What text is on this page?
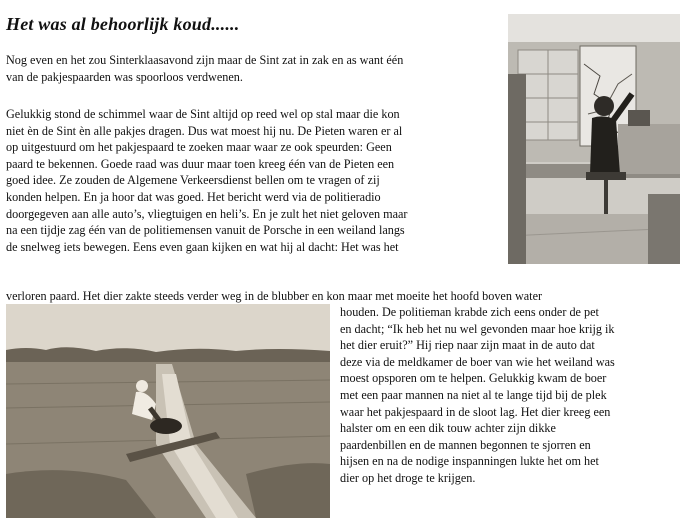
Het was al behoorlijk koud......

Nog even en het zou Sinterklaasavond zijn maar de Sint zat in zak en as want één
van de pakjespaarden was spoorloos verdwenen.

Gelukkig stond de schimmel waar de Sint altijd op reed wel op stal maar die kon
niet èn de Sint èn alle pakjes dragen. Dus wat moest hij nu. De Pieten waren er al
op uitgestuurd om het pakjespaard te zoeken maar waar ze ook speurden: Geen
paard te bekennen. Goede raad was duur maar toen kreeg één van de Pieten een
goed idee. Ze zouden de Algemene Verkeersdienst bellen om te vragen of zij
konden helpen. En ja hoor dat was goed. Het bericht werd via de politieradio
doorgegeven aan alle auto’s, vliegtuigen en heli’s. En je zult het niet geloven maar
na een tijdje zag één van de politiemensen vanuit de Porsche in een weiland langs
de snelweg iets bewegen. Eens even gaan kijken en wat hij al dacht: Het was het

verloren paard. Het dier zakte steeds verder weg in de blubber en kon maar met moeite het hoofd boven water

houden. De politieman krabde zich eens onder de pet
en dacht; “Ik heb het nu wel gevonden maar hoe krijg ik
het dier eruit?” Hij riep naar zijn maat in de auto dat
deze via de meldkamer de boer van wie het weiland was
moest opsporen om te helpen. Gelukkig kwam de boer
met een paar mannen na niet al te lange tijd bij de plek
waar het pakjespaard in de sloot lag. Het dier kreeg een
halster om en een dik touw achter zijn dikke
paardenbillen en de mannen begonnen te sjorren en
hijsen en na de nodige inspanningen lukte het om het
dier op het droge te krijgen.
